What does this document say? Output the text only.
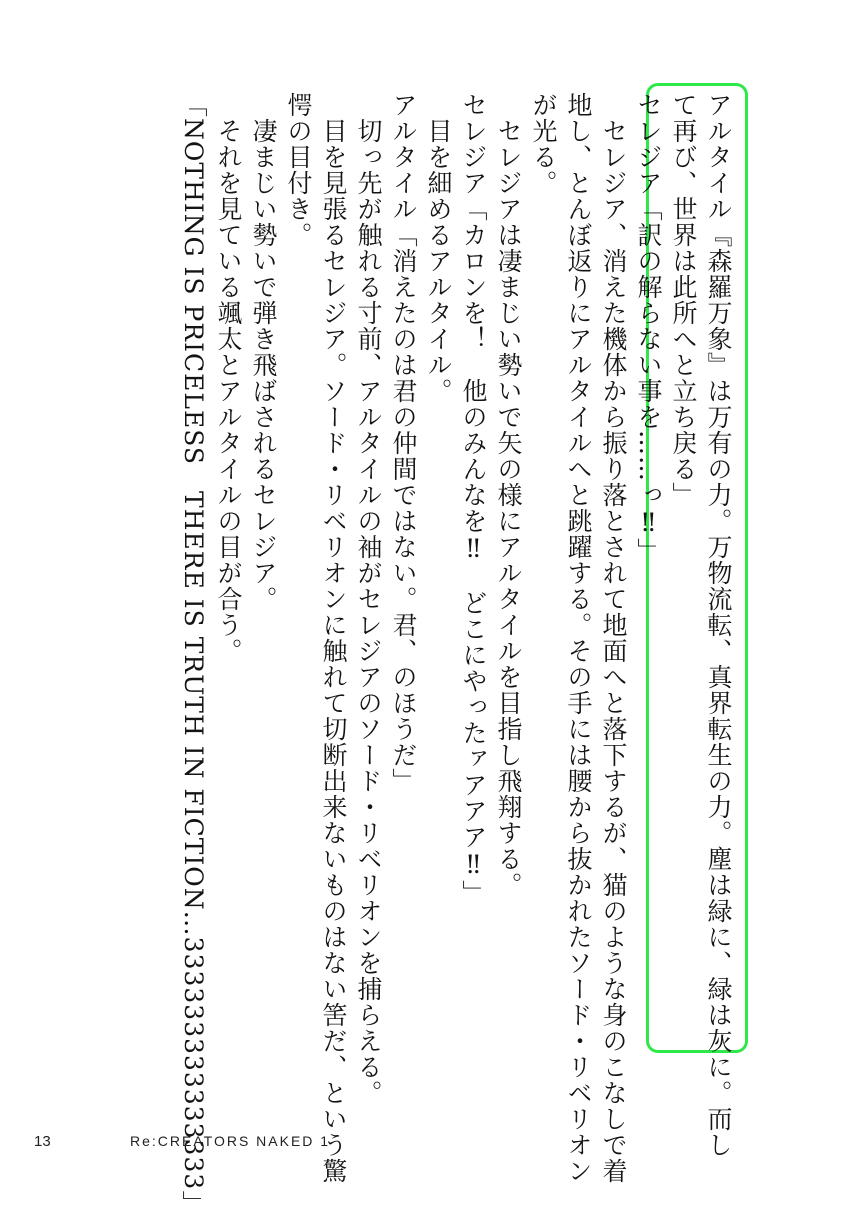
アルタイル『森羅万象』は万有の力。万物流転、真界転生の力。塵は緑に、緑は灰に。而し
て再び、世界は此所へと立ち戻る」
セレジア「訳の解らない事を……っ‼」
　セレジア、消えた機体から振り落とされて地面へと落下するが、猫のような身のこなしで着
地し、とんぼ返りにアルタイルへと跳躍する。その手には腰から抜かれたソード・リベリオン
が光る。
　セレジアは凄まじい勢いで矢の様にアルタイルを目指し飛翔する。
セレジア「カロンを！　他のみんなを‼　どこにやったァアアア‼」
　目を細めるアルタイル。
アルタイル「消えたのは君の仲間ではない。君、のほうだ」
　切っ先が触れる寸前、アルタイルの袖がセレジアのソード・リベリオンを捕らえる。
　目を見張るセレジア。ソード・リベリオンに触れて切断出来ないものはない筈だ、という驚
愕の目付き。
　凄まじい勢いで弾き飛ばされるセレジア。
　それを見ている颯太とアルタイルの目が合う。
「NOTHING IS PRICELESS　THERE IS TRUTH IN FICTION…333333333333333」
13	Re:CREATORS NAKED 1
